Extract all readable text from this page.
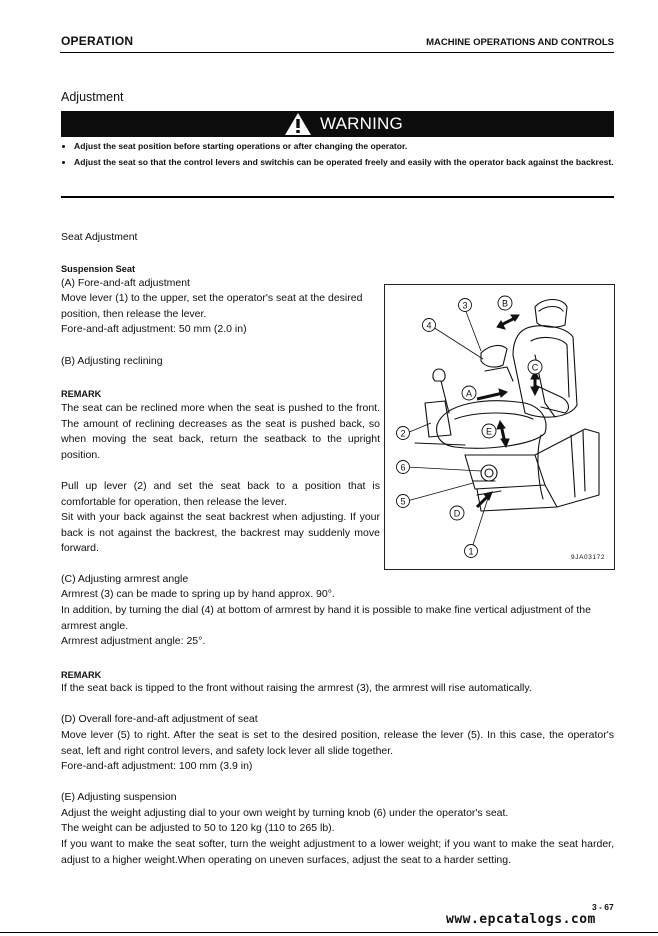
OPERATION	MACHINE OPERATIONS AND CONTROLS
Adjustment
WARNING
• Adjust the seat position before starting operations or after changing the operator.
• Adjust the seat so that the control levers and switchis can be operated freely and easily with the operator back against the backrest.
Seat Adjustment
Suspension Seat
(A) Fore-and-aft adjustment
Move lever (1) to the upper, set the operator's seat at the desired position, then release the lever.
Fore-and-aft adjustment: 50 mm (2.0 in)
(B) Adjusting reclining
REMARK
The seat can be reclined more when the seat is pushed to the front. The amount of reclining decreases as the seat is pushed back, so when moving the seat back, return the seatback to the upright position.
Pull up lever (2) and set the seat back to a position that is comfortable for operation, then release the lever.
Sit with your back against the seat backrest when adjusting. If your back is not against the backrest, the backrest may suddenly move forward.
3
4
2
6
5
1
B
C
A
E
D
9JA03172
(C) Adjusting armrest angle
Armrest (3) can be made to spring up by hand approx. 90°.
In addition, by turning the dial (4) at bottom of armrest by hand it is possible to make fine vertical adjustment of the armrest angle.
Armrest adjustment angle: 25°.
REMARK
If the seat back is tipped to the front without raising the armrest (3), the armrest will rise automatically.
(D) Overall fore-and-aft adjustment of seat
Move lever (5) to right. After the seat is set to the desired position, release the lever (5). In this case, the operator's seat, left and right control levers, and safety lock lever all slide together.
Fore-and-aft adjustment: 100 mm (3.9 in)
(E) Adjusting suspension
Adjust the weight adjusting dial to your own weight by turning knob (6) under the operator's seat.
The weight can be adjusted to 50 to 120 kg (110 to 265 lb).
If you want to make the seat softer, turn the weight adjustment to a lower weight; if you want to make the seat harder, adjust to a higher weight.When operating on uneven surfaces, adjust the seat to a harder setting.
3 - 67
www.epcatalogs.com
